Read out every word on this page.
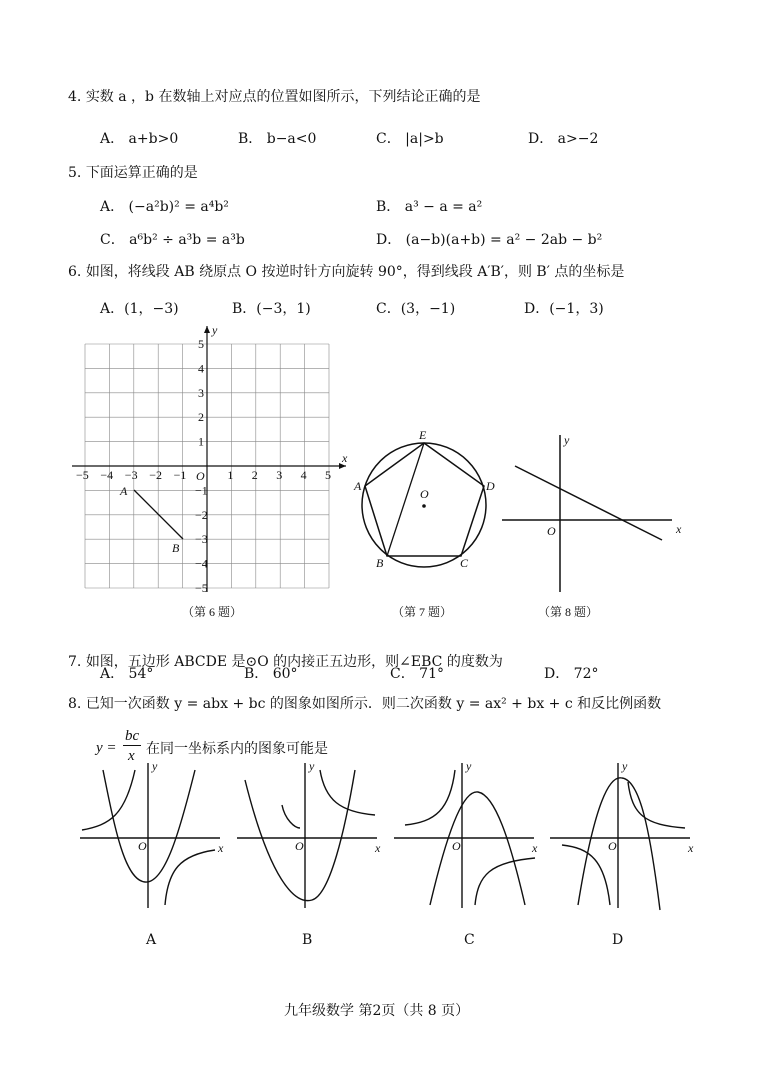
4. 实数 a ，b 在数轴上对应点的位置如图所示，下列结论正确的是
A． a+b>0	B． b−a<0	C． |a|>b	D． a>−2
5. 下面运算正确的是
A． (−a²b)² = a⁴b²	B． a³ − a = a²
C． a⁶b² ÷ a³b = a³b	D． (a−b)(a+b) = a² − 2ab − b²
6. 如图，将线段 AB 绕原点 O 按逆时针方向旋转 90°，得到线段 A′B′，则 B′ 点的坐标是
A．(1，−3)	B．(−3，1)	C．(3，−1)	D．(−1，3)
x
y
O
−5 −4 −3 −2 −1	1 2 3 4 5
5
4
3
2
1
−1
−2
−3
−4
−5
A
B
（第 6 题）
O
A
B	C
D
E
（第 7 题）
x
y
O
（第 8 题）
x
y
O	x
y
O	x
y
O	x
y
O
7. 如图，五边形 ABCDE 是⊙O 的内接正五边形，则∠EBC 的度数为
A． 54°	B． 60°	C． 71°	D． 72°
8. 已知一次函数 y = abx + bc 的图象如图所示．则二次函数 y = ax² + bx + c 和反比例函数
y =
bc
x 在同一坐标系内的图象可能是
A	B	C	D
九年级数学 第2页（共 8 页）
